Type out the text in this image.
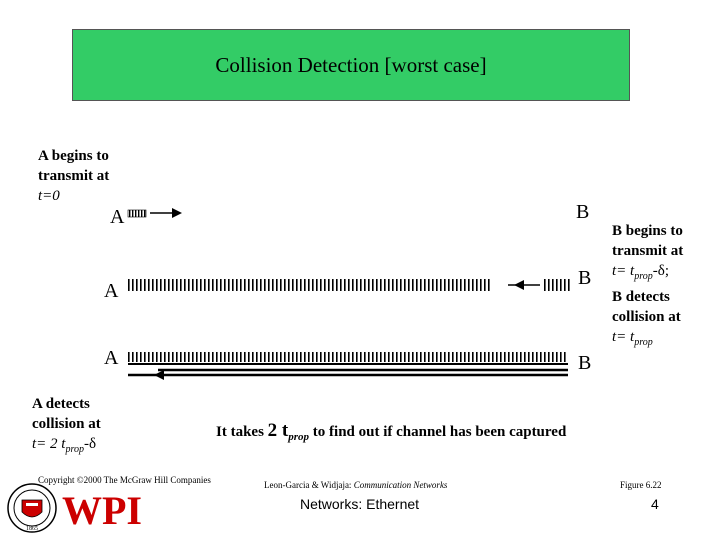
Collision Detection [worst case]
A	B
A
B
A	B
A begins to
transmit at
t=0
B begins to
transmit at
$t= t_{prop}-\delta$;
B detects
collision at
$t= t_{prop}$
A detects
collision at
t= 2 $t_{prop}-\delta$
It takes 2 $t_{prop}$ to find out if channel has been captured
Copyright ©2000 The McGraw Hill Companies	Leon-Garcia & Widjaja: Communication Networks	Figure 6.22
Networks: Ethernet	4
1865 WPI
